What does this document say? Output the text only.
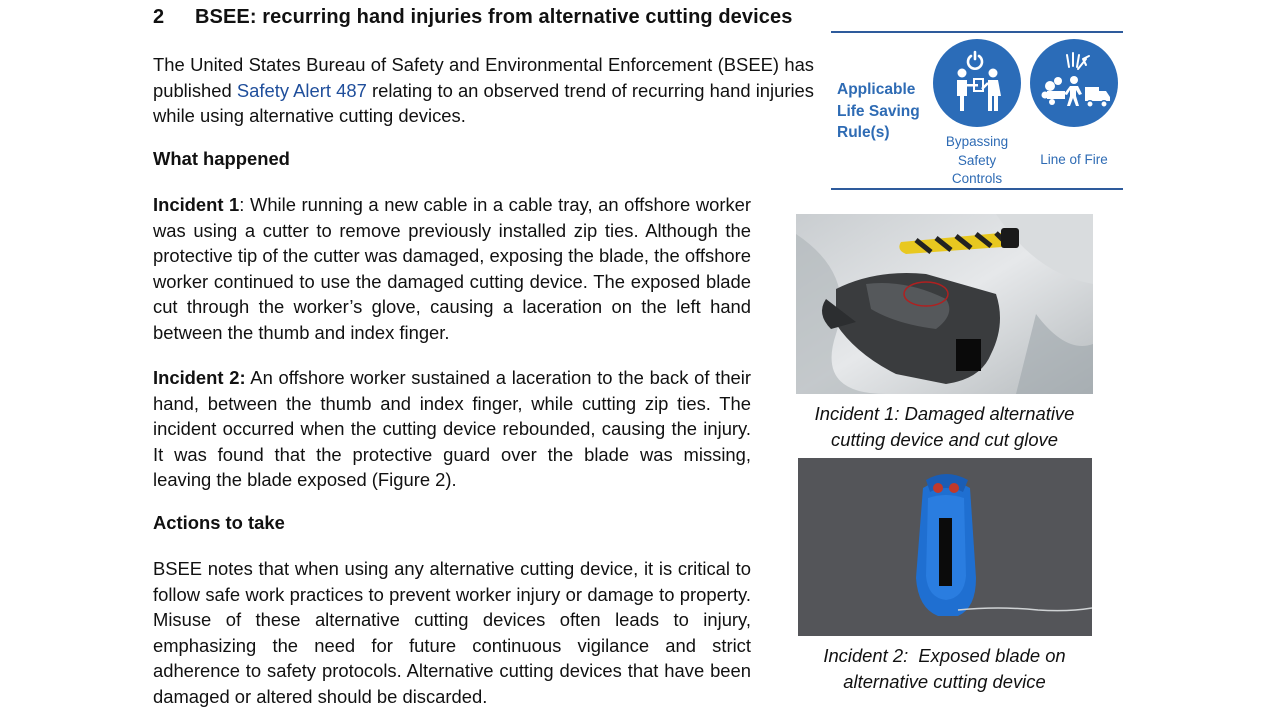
2 BSEE: recurring hand injuries from alternative cutting devices

The United States Bureau of Safety and Environmental Enforcement (BSEE) has published Safety Alert 487 relating to an observed trend of recurring hand injuries while using alternative cutting devices.

What happened

Incident 1: While running a new cable in a cable tray, an offshore worker was using a cutter to remove previously installed zip ties. Although the protective tip of the cutter was damaged, exposing the blade, the offshore worker continued to use the damaged cutting device. The exposed blade cut through the worker’s glove, causing a laceration on the left hand between the thumb and index finger.

Incident 2: An offshore worker sustained a laceration to the back of their hand, between the thumb and index finger, while cutting zip ties. The incident occurred when the cutting device rebounded, causing the injury. It was found that the protective guard over the blade was missing, leaving the blade exposed (Figure 2).

Actions to take

BSEE notes that when using any alternative cutting device, it is critical to follow safe work practices to prevent worker injury or damage to property. Misuse of these alternative cutting devices often leads to injury, emphasizing the need for future continuous vigilance and strict adherence to safety protocols. Alternative cutting devices that have been damaged or altered should be discarded.

Applicable
Life Saving
Rule(s)
Bypassing
Safety
Controls
Line of Fire
Incident 1: Damaged alternative
cutting device and cut glove
Incident 2:  Exposed blade on
alternative cutting device
